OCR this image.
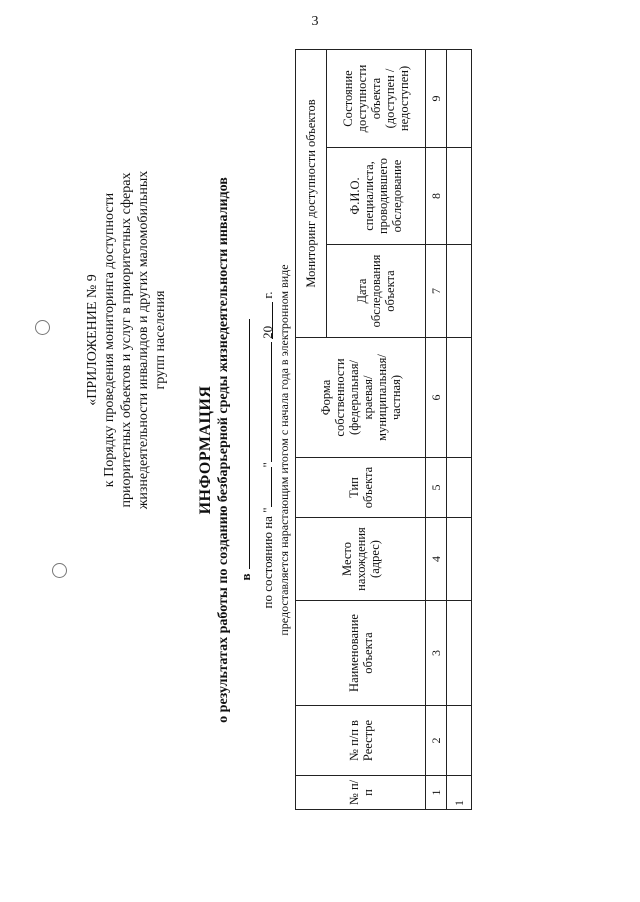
3
«ПРИЛОЖЕНИЕ № 9 к Порядку проведения мониторинга доступности приоритетных объектов и услуг в приоритетных сферах жизнедеятельности инвалидов и других маломобильных групп населения
ИНФОРМАЦИЯ о результатах работы по созданию безбарьерной среды жизнедеятельности инвалидов в по состоянию на "" 20 г. предоставляется нарастающим итогом с начала года в электронном виде
№ п/п	№ п/п в Реестре	Наименование объекта	Место нахождения (адрес)	Тип объекта	Форма собственности (федеральная/ краевая/ муниципальная/ частная)	Мониторинг доступности объектов		
						Дата обследования объекта	Ф.И.О. специалиста, проводившего обследование	Состояние доступности объекта (доступен / недоступен)
1	2	3	4	5	6	7	8	9
1								
